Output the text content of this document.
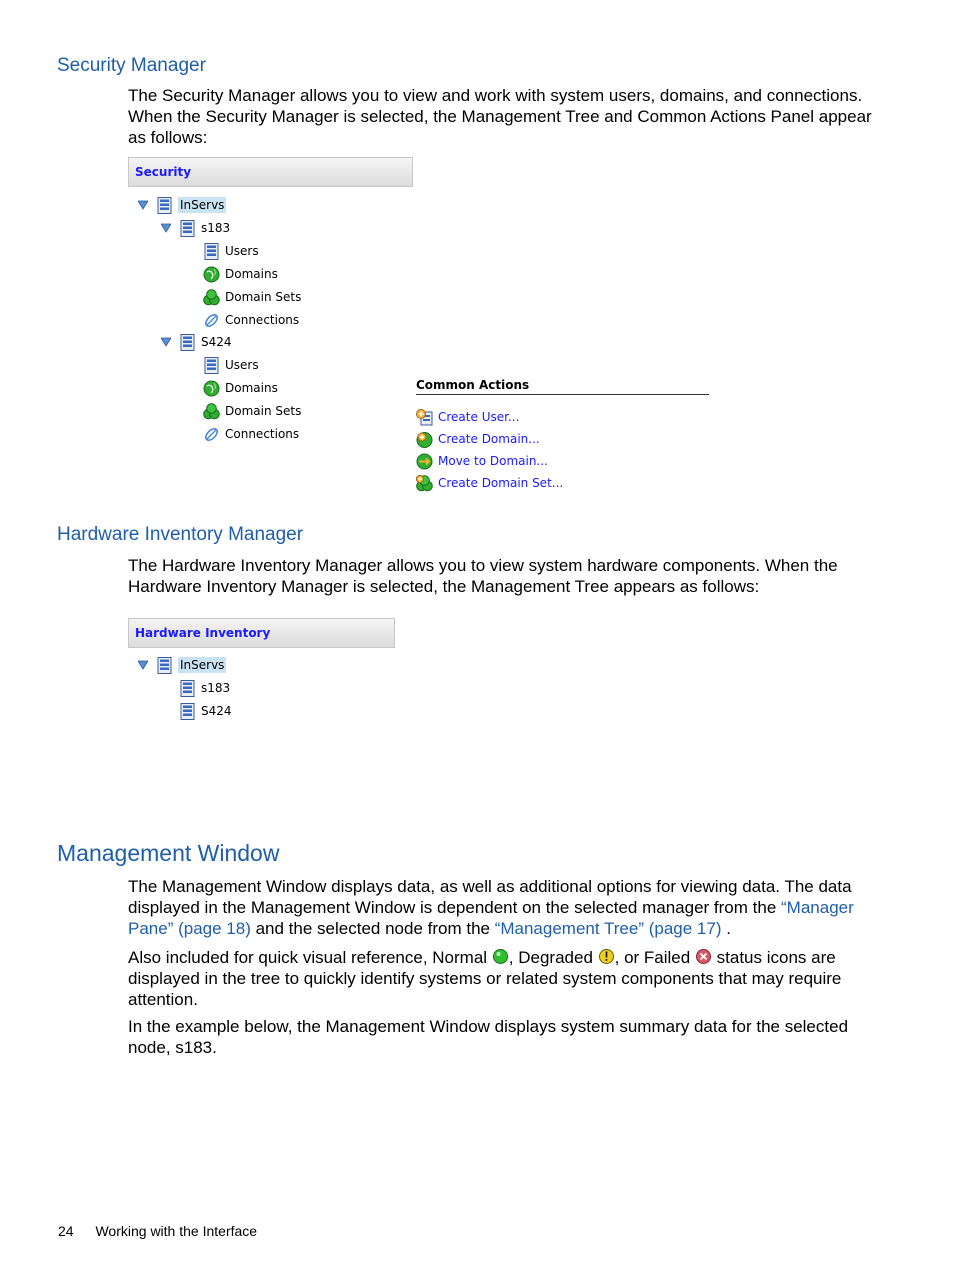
Security Manager
The Security Manager allows you to view and work with system users, domains, and connections. When the Security Manager is selected, the Management Tree and Common Actions Panel appear as follows:
Security
InServs
s183
Users
Domains
Domain Sets
Connections
S424
Users
Domains
Domain Sets
Connections
Common Actions
Create User...
Create Domain...
Move to Domain...
Create Domain Set...
Hardware Inventory Manager
The Hardware Inventory Manager allows you to view system hardware components. When the Hardware Inventory Manager is selected, the Management Tree appears as follows:
Hardware Inventory
InServs
s183
S424
Management Window
The Management Window displays data, as well as additional options for viewing data. The data displayed in the Management Window is dependent on the selected manager from the “Manager Pane” (page 18) and the selected node from the “Management Tree” (page 17) .
Also included for quick visual reference, Normal , Degraded , or Failed  status icons are displayed in the tree to quickly identify systems or related system components that may require attention.
In the example below, the Management Window displays system summary data for the selected node, s183.
24 Working with the Interface
